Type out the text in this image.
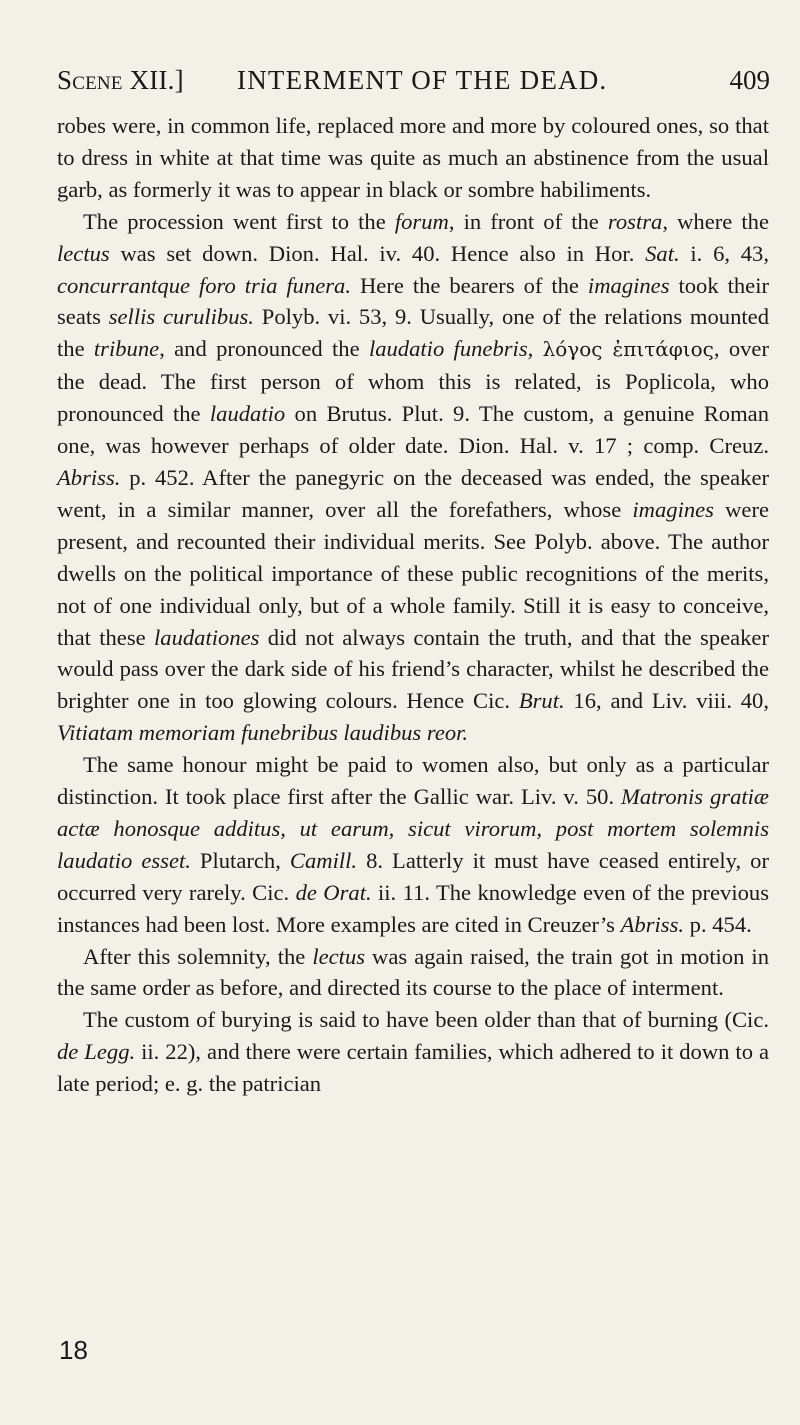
Scene XII.] INTERMENT OF THE DEAD.	409

robes were, in common life, replaced more and more by coloured ones, so that to dress in white at that time was quite as much an abstinence from the usual garb, as formerly it was to appear in black or sombre habiliments.

The procession went first to the forum, in front of the rostra, where the lectus was set down. Dion. Hal. iv. 40. Hence also in Hor. Sat. i. 6, 43, concurrantque foro tria funera. Here the bearers of the imagines took their seats sellis curulibus. Polyb. vi. 53, 9. Usually, one of the relations mounted the tribune, and pronounced the laudatio funebris, λόγος ἐπιτάφιος, over the dead. The first person of whom this is related, is Poplicola, who pronounced the laudatio on Brutus. Plut. 9. The custom, a genuine Roman one, was however perhaps of older date. Dion. Hal. v. 17 ; comp. Creuz. Abriss. p. 452. After the panegyric on the deceased was ended, the speaker went, in a similar manner, over all the forefathers, whose imagines were present, and recounted their individual merits. See Polyb. above. The author dwells on the political importance of these public recognitions of the merits, not of one individual only, but of a whole family. Still it is easy to conceive, that these laudationes did not always contain the truth, and that the speaker would pass over the dark side of his friend’s character, whilst he described the brighter one in too glowing colours. Hence Cic. Brut. 16, and Liv. viii. 40, Vitiatam memoriam funebribus laudibus reor.

The same honour might be paid to women also, but only as a particular distinction. It took place first after the Gallic war. Liv. v. 50. Matronis gratiæ actæ honosque additus, ut earum, sicut virorum, post mortem solemnis laudatio esset. Plutarch, Camill. 8. Latterly it must have ceased entirely, or occurred very rarely. Cic. de Orat. ii. 11. The knowledge even of the previous instances had been lost. More examples are cited in Creuzer’s Abriss. p. 454.

After this solemnity, the lectus was again raised, the train got in motion in the same order as before, and directed its course to the place of interment.

The custom of burying is said to have been older than that of burning (Cic. de Legg. ii. 22), and there were certain families, which adhered to it down to a late period; e. g. the patrician

18
